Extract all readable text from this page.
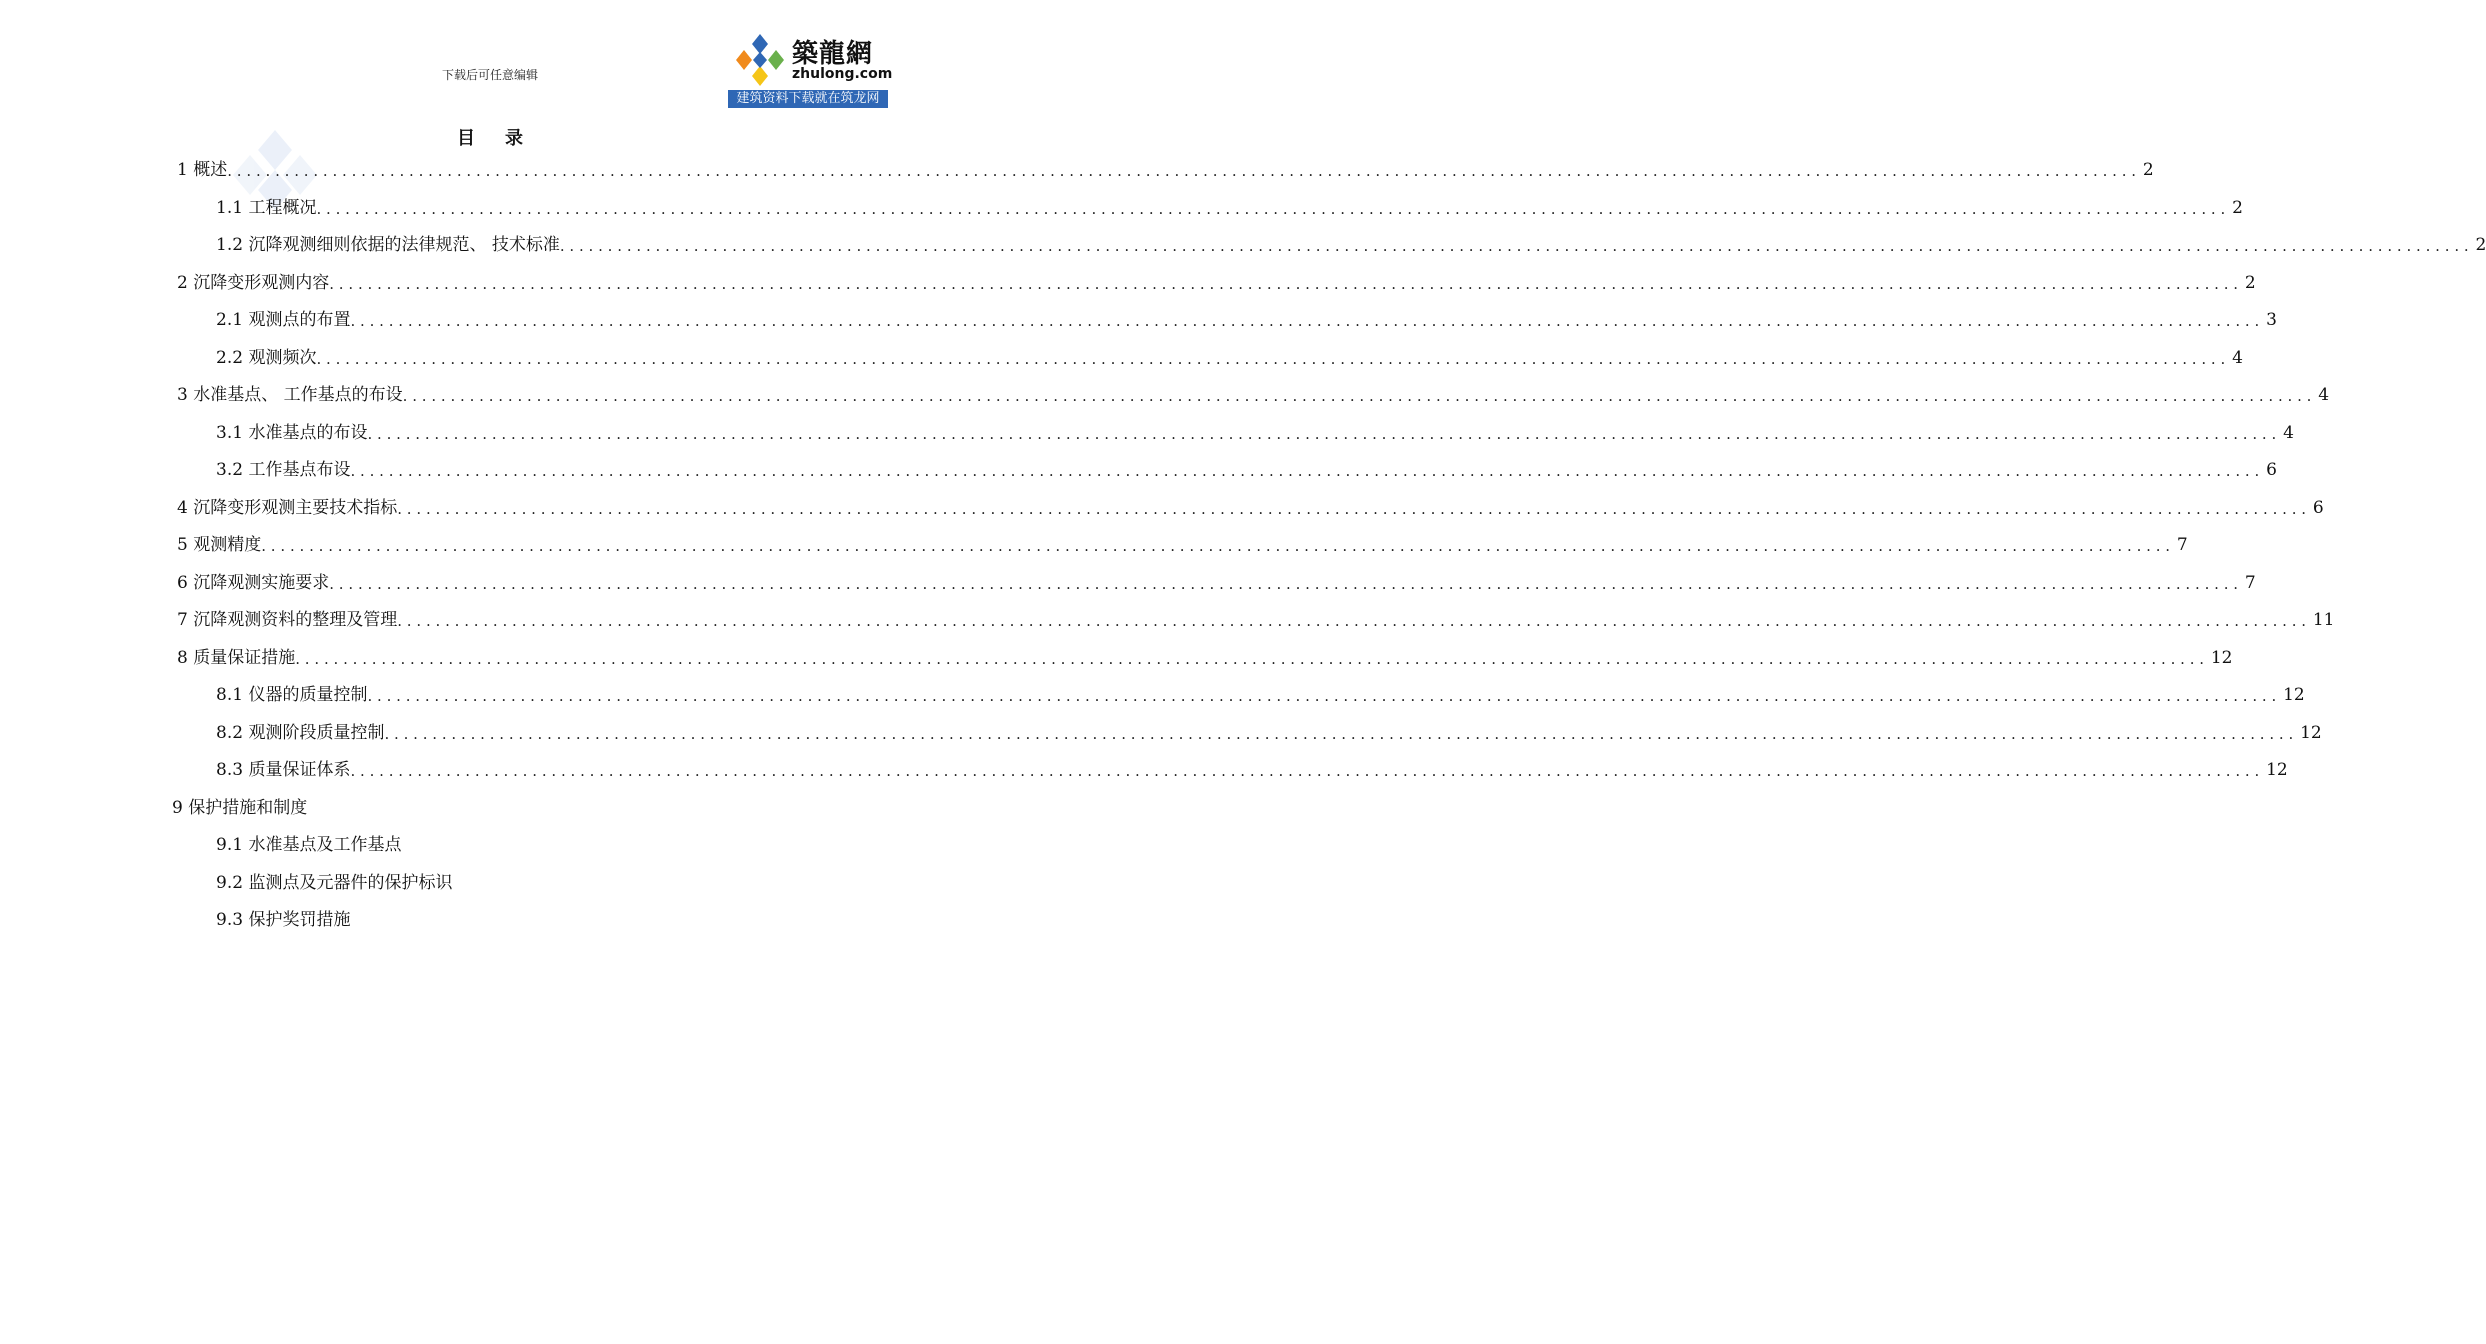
下载后可任意编辑
築龍網
zhulong.com
建筑资料下载就在筑龙网
目录
1 概述 ........................................................................................................................................................................................................ 2
1.1 工程概况 ........................................................................................................................................................................................................ 2
1.2 沉降观测细则依据的法律规范、 技术标准 ........................................................................................................................................................................................................ 2
2 沉降变形观测内容 ........................................................................................................................................................................................................ 2
2.1 观测点的布置 ........................................................................................................................................................................................................ 3
2.2 观测频次 ........................................................................................................................................................................................................ 4
3 水准基点、 工作基点的布设 ........................................................................................................................................................................................................ 4
3.1 水准基点的布设 ........................................................................................................................................................................................................ 4
3.2 工作基点布设 ........................................................................................................................................................................................................ 6
4 沉降变形观测主要技术指标 ........................................................................................................................................................................................................ 6
5 观测精度 ........................................................................................................................................................................................................ 7
6 沉降观测实施要求 ........................................................................................................................................................................................................ 7
7 沉降观测资料的整理及管理 ........................................................................................................................................................................................................ 11
8 质量保证措施 ........................................................................................................................................................................................................ 12
8.1 仪器的质量控制 ........................................................................................................................................................................................................ 12
8.2 观测阶段质量控制 ........................................................................................................................................................................................................ 12
8.3 质量保证体系 ........................................................................................................................................................................................................ 12
9 保护措施和制度
9.1 水准基点及工作基点
9.2 监测点及元器件的保护标识
9.3 保护奖罚措施
